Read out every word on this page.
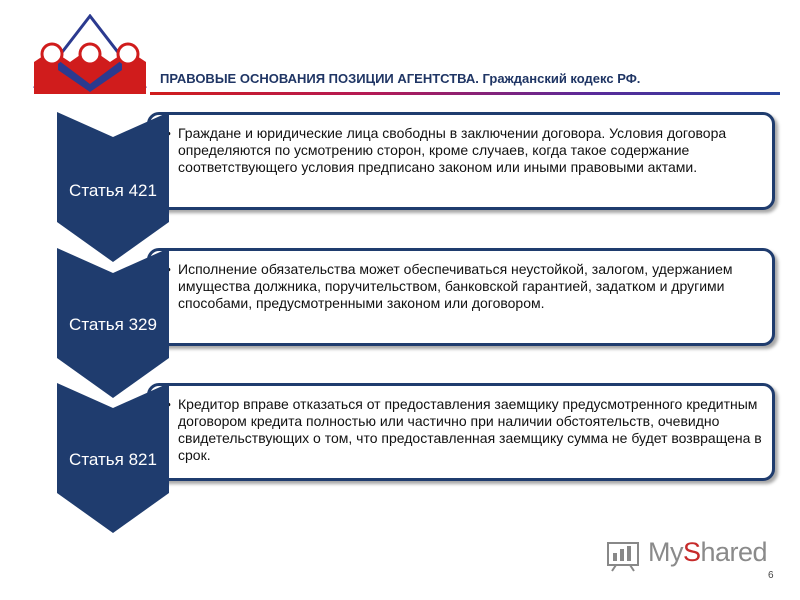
ПРАВОВЫЕ ОСНОВАНИЯ ПОЗИЦИИ АГЕНТСТВА. Гражданский кодекс РФ.
• Граждане и юридические лица свободны в заключении договора. Условия договора определяются по усмотрению сторон, кроме случаев, когда такое содержание соответствующего условия предписано законом или иными правовыми актами.
Статья 421
• Исполнение обязательства может обеспечиваться неустойкой, залогом, удержанием имущества должника, поручительством, банковской гарантией, задатком и другими способами, предусмотренными законом или договором.
Статья 329
• Кредитор вправе отказаться от предоставления заемщику предусмотренного кредитным договором кредита полностью или частично при наличии обстоятельств, очевидно свидетельствующих о том, что предоставленная заемщику сумма не будет возвращена в срок.
Статья 821
MyShared
6
